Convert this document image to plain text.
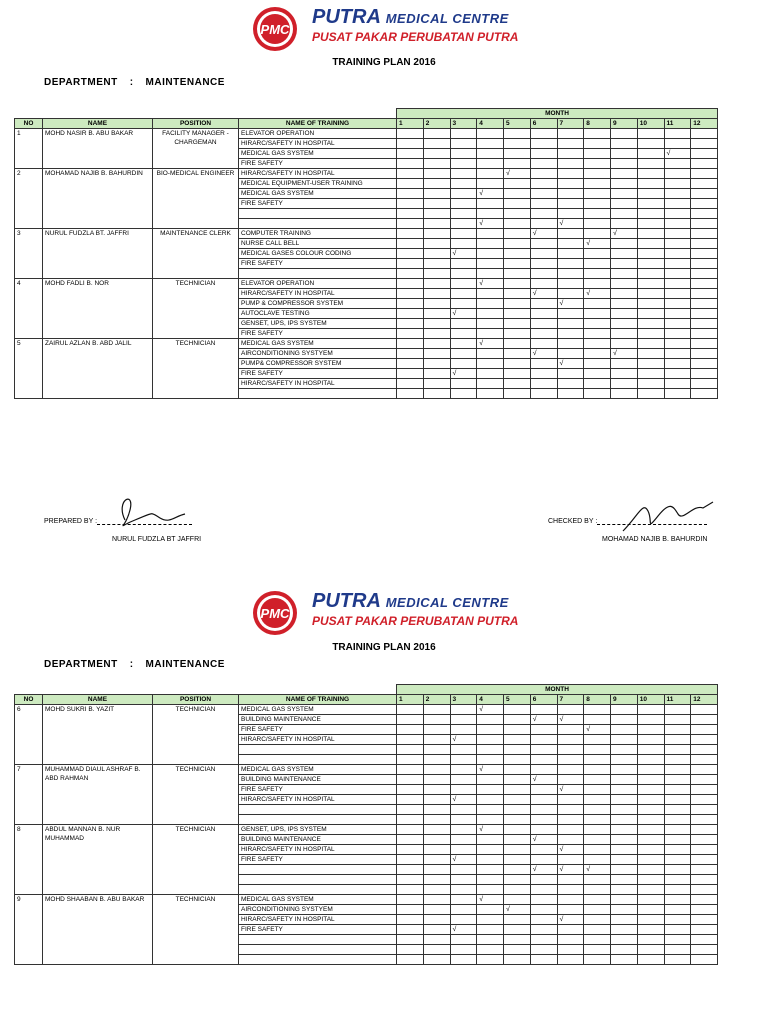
PMC
PUTRA MEDICAL CENTRE
PUSAT PAKAR PERUBATAN PUTRA
TRAINING PLAN 2016
DEPARTMENT : MAINTENANCE
				MONTH											
NO	NAME	POSITION	NAME OF TRAINING	1	2	3	4	5	6	7	8	9	10	11	12
1	MOHD NASIR B. ABU BAKAR	FACILITY MANAGER -CHARGEMAN	ELEVATOR OPERATION												
			HIRARC/SAFETY IN HOSPITAL												
			MEDICAL GAS SYSTEM											√	
			FIRE SAFETY												
2	MOHAMAD NAJIB B. BAHURDIN	BIO-MEDICAL ENGINEER	HIRARC/SAFETY IN HOSPITAL					√							
			MEDICAL EQUIPMENT-USER TRAINING												
			MEDICAL GAS SYSTEM				√								
			FIRE SAFETY												

							√			√					
3	NURUL FUDZLA BT. JAFFRI	MAINTENANCE CLERK	COMPUTER TRAINING						√			√			
			NURSE CALL BELL								√				
			MEDICAL GASES COLOUR CODING			√									
			FIRE SAFETY												

4	MOHD FADLI B. NOR	TECHNICIAN	ELEVATOR OPERATION				√								
			HIRARC/SAFETY IN HOSPITAL						√		√				
			PUMP & COMPRESSOR SYSTEM							√					
			AUTOCLAVE TESTING			√									
			GENSET, UPS, IPS SYSTEM												
			FIRE SAFETY												
5	ZAIRUL AZLAN B. ABD JALIL	TECHNICIAN	MEDICAL GAS SYSTEM				√								
			AIRCONDITIONING SYSTYEM						√			√			
			PUMP& COMPRESSOR SYSTEM							√					
			FIRE SAFETY			√									
			HIRARC/SAFETY IN HOSPITAL												

PREPARED BY :
NURUL FUDZLA BT JAFFRI
CHECKED BY :
MOHAMAD NAJIB B. BAHURDIN
PMC
PUTRA MEDICAL CENTRE
PUSAT PAKAR PERUBATAN PUTRA
TRAINING PLAN 2016
DEPARTMENT : MAINTENANCE
				MONTH											
NO	NAME	POSITION	NAME OF TRAINING	1	2	3	4	5	6	7	8	9	10	11	12
6	MOHD SUKRI B. YAZIT	TECHNICIAN	MEDICAL GAS SYSTEM				√								
			BUILDING MAINTENANCE						√	√					
			FIRE SAFETY								√				
			HIRARC/SAFETY IN HOSPITAL			√									

7	MUHAMMAD DIAUL ASHRAF B. ABD RAHMAN	TECHNICIAN	MEDICAL GAS SYSTEM				√								
			BUILDING MAINTENANCE						√						
			FIRE SAFETY							√					
			HIRARC/SAFETY IN HOSPITAL			√									

8	ABDUL MANNAN B. NUR MUHAMMAD	TECHNICIAN	GENSET, UPS, IPS SYSTEM				√								
			BUILDING MAINTENANCE						√						
			HIRARC/SAFETY IN HOSPITAL							√					
			FIRE SAFETY			√									
									√	√	√				

9	MOHD SHAABAN B. ABU BAKAR	TECHNICIAN	MEDICAL GAS SYSTEM				√								
			AIRCONDITIONING SYSTYEM					√							
			HIRARC/SAFETY IN HOSPITAL							√					
			FIRE SAFETY			√									
